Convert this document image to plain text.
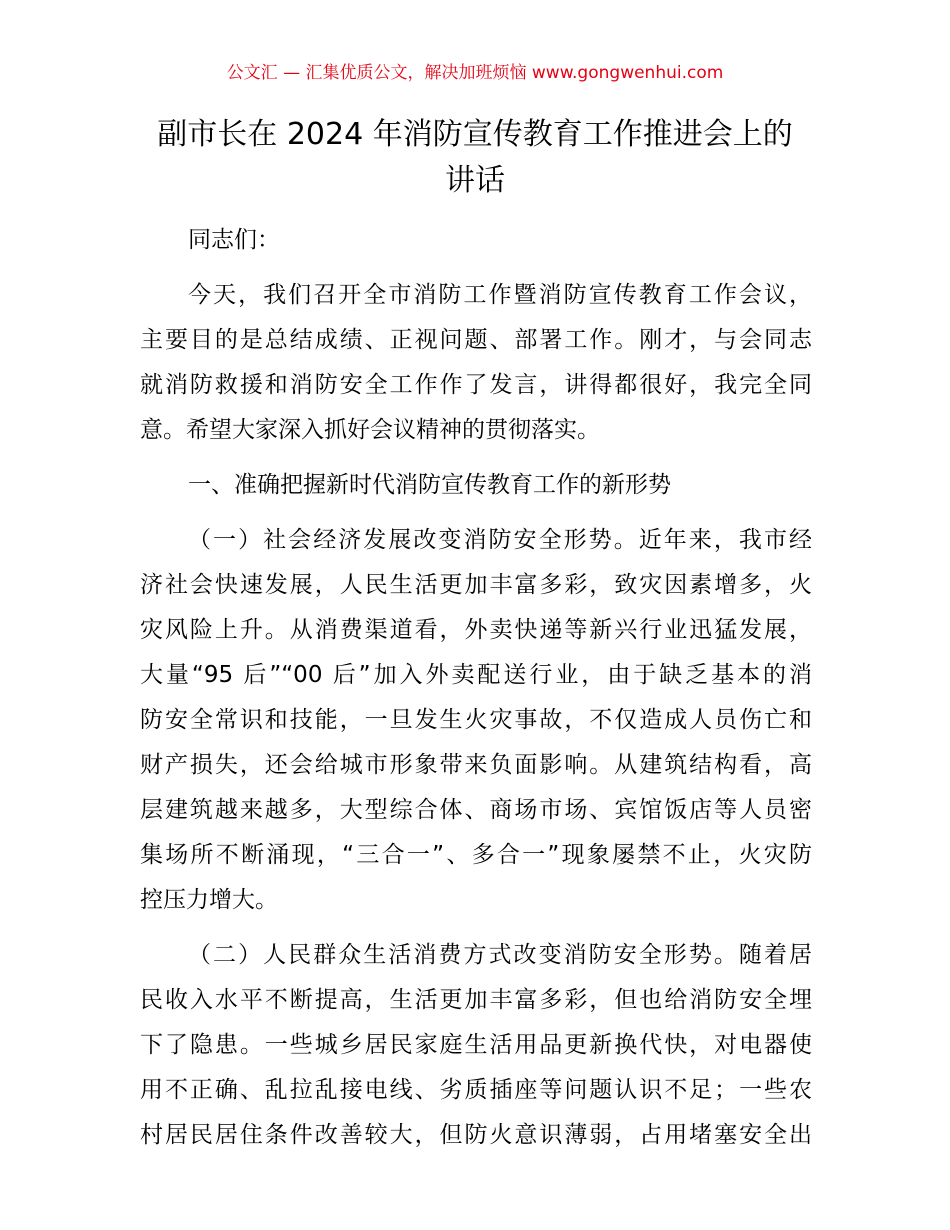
公文汇 — 汇集优质公文，解决加班烦恼 www.gongwenhui.com
副市长在 2024 年消防宣传教育工作推进会上的
讲话
同志们：
今天，我们召开全市消防工作暨消防宣传教育工作会议，
主要目的是总结成绩、正视问题、部署工作。刚才，与会同志
就消防救援和消防安全工作作了发言，讲得都很好，我完全同
意。希望大家深入抓好会议精神的贯彻落实。
一、准确把握新时代消防宣传教育工作的新形势
（一）社会经济发展改变消防安全形势。近年来，我市经
济社会快速发展，人民生活更加丰富多彩，致灾因素增多，火
灾风险上升。从消费渠道看，外卖快递等新兴行业迅猛发展，
大量“95 后”“00 后”加入外卖配送行业，由于缺乏基本的消
防安全常识和技能，一旦发生火灾事故，不仅造成人员伤亡和
财产损失，还会给城市形象带来负面影响。从建筑结构看，高
层建筑越来越多，大型综合体、商场市场、宾馆饭店等人员密
集场所不断涌现，“三合一”、多合一”现象屡禁不止，火灾防
控压力增大。
（二）人民群众生活消费方式改变消防安全形势。随着居
民收入水平不断提高，生活更加丰富多彩，但也给消防安全埋
下了隐患。一些城乡居民家庭生活用品更新换代快，对电器使
用不正确、乱拉乱接电线、劣质插座等问题认识不足；一些农
村居民居住条件改善较大，但防火意识薄弱，占用堵塞安全出
